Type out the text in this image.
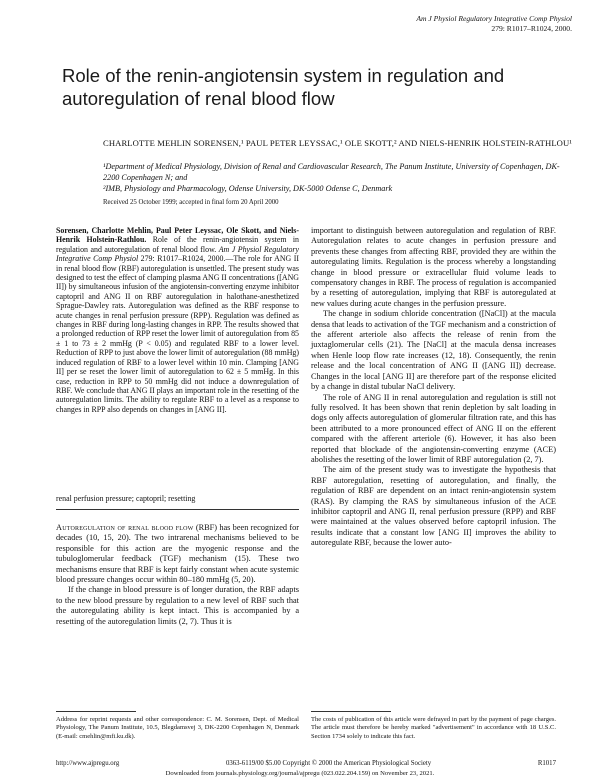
Am J Physiol Regulatory Integrative Comp Physiol
279: R1017–R1024, 2000.
Role of the renin-angiotensin system in regulation and autoregulation of renal blood flow
CHARLOTTE MEHLIN SORENSEN,¹ PAUL PETER LEYSSAC,¹ OLE SKOTT,² AND NIELS-HENRIK HOLSTEIN-RATHLOU¹
¹Department of Medical Physiology, Division of Renal and Cardiovascular Research, The Panum Institute, University of Copenhagen, DK-2200 Copenhagen N; and
²IMB, Physiology and Pharmacology, Odense University, DK-5000 Odense C, Denmark
Received 25 October 1999; accepted in final form 20 April 2000
Sorensen, Charlotte Mehlin, Paul Peter Leyssac, Ole Skott, and Niels-Henrik Holstein-Rathlou. Role of the renin-angiotensin system in regulation and autoregulation of renal blood flow. Am J Physiol Regulatory Integrative Comp Physiol 279: R1017–R1024, 2000.—The role for ANG II in renal blood flow (RBF) autoregulation is unsettled. The present study was designed to test the effect of clamping plasma ANG II concentrations ([ANG II]) by simultaneous infusion of the angiotensin-converting enzyme inhibitor captopril and ANG II on RBF autoregulation in halothane-anesthetized Sprague-Dawley rats. Autoregulation was defined as the RBF response to acute changes in renal perfusion pressure (RPP). Regulation was defined as changes in RBF during long-lasting changes in RPP. The results showed that a prolonged reduction of RPP reset the lower limit of autoregulation from 85 ± 1 to 73 ± 2 mmHg (P < 0.05) and regulated RBF to a lower level. Reduction of RPP to just above the lower limit of autoregulation (88 mmHg) induced regulation of RBF to a lower level within 10 min. Clamping [ANG II] per se reset the lower limit of autoregulation to 62 ± 5 mmHg. In this case, reduction in RPP to 50 mmHg did not induce a downregulation of RBF. We conclude that ANG II plays an important role in the resetting of the autoregulation limits. The ability to regulate RBF to a level as a response to changes in RPP also depends on changes in [ANG II].
renal perfusion pressure; captopril; resetting

Autoregulation of renal blood flow (RBF) has been recognized for decades (10, 15, 20). The two intrarenal mechanisms believed to be responsible for this action are the myogenic response and the tubuloglomerular feedback (TGF) mechanism (15). These two mechanisms ensure that RBF is kept fairly constant when acute systemic blood pressure changes occur within 80–180 mmHg (5, 20).

If the change in blood pressure is of longer duration, the RBF adapts to the new blood pressure by regulation to a new level of RBF such that the autoregulating ability is kept intact. This is accompanied by a resetting of the autoregulation limits (2, 7). Thus it is

important to distinguish between autoregulation and regulation of RBF. Autoregulation relates to acute changes in perfusion pressure and prevents these changes from affecting RBF, provided they are within the autoregulating limits. Regulation is the process whereby a longstanding change in blood pressure or extracellular fluid volume leads to compensatory changes in RBF. The process of regulation is accompanied by a resetting of autoregulation, implying that RBF is autoregulated at new values during acute changes in the perfusion pressure.

The change in sodium chloride concentration ([NaCl]) at the macula densa that leads to activation of the TGF mechanism and a constriction of the afferent arteriole also affects the release of renin from the juxtaglomerular cells (21). The [NaCl] at the macula densa increases when Henle loop flow rate increases (12, 18). Consequently, the renin release and the local concentration of ANG II ([ANG II]) decrease. Changes in the local [ANG II] are therefore part of the response elicited by a change in distal tubular NaCl delivery.

The role of ANG II in renal autoregulation and regulation is still not fully resolved. It has been shown that renin depletion by salt loading in dogs only affects autoregulation of glomerular filtration rate, and this has been attributed to a more pronounced effect of ANG II on the efferent compared with the afferent arteriole (6). However, it has also been reported that blockade of the angiotensin-converting enzyme (ACE) abolishes the resetting of the lower limit of RBF autoregulation (2, 7).

The aim of the present study was to investigate the hypothesis that RBF autoregulation, resetting of autoregulation, and finally, the regulation of RBF are dependent on an intact renin-angiotensin system (RAS). By clamping the RAS by simultaneous infusion of the ACE inhibitor captopril and ANG II, renal perfusion pressure (RPP) and RBF were maintained at the values observed before captopril infusion. The results indicate that a constant low [ANG II] improves the ability to autoregulate RBF, because the lower auto-

Address for reprint requests and other correspondence: C. M. Sorensen, Dept. of Medical Physiology, The Panum Institute, 10.5, Blegdamsvej 3, DK-2200 Copenhagen N, Denmark (E-mail: cmehlin@mfi.ku.dk).
The costs of publication of this article were defrayed in part by the payment of page charges. The article must therefore be hereby marked "advertisement" in accordance with 18 U.S.C. Section 1734 solely to indicate this fact.
http://www.ajpregu.org	0363-6119/00 $5.00 Copyright © 2000 the American Physiological Society	R1017
Downloaded from journals.physiology.org/journal/ajpregu (023.022.204.159) on November 23, 2021.
